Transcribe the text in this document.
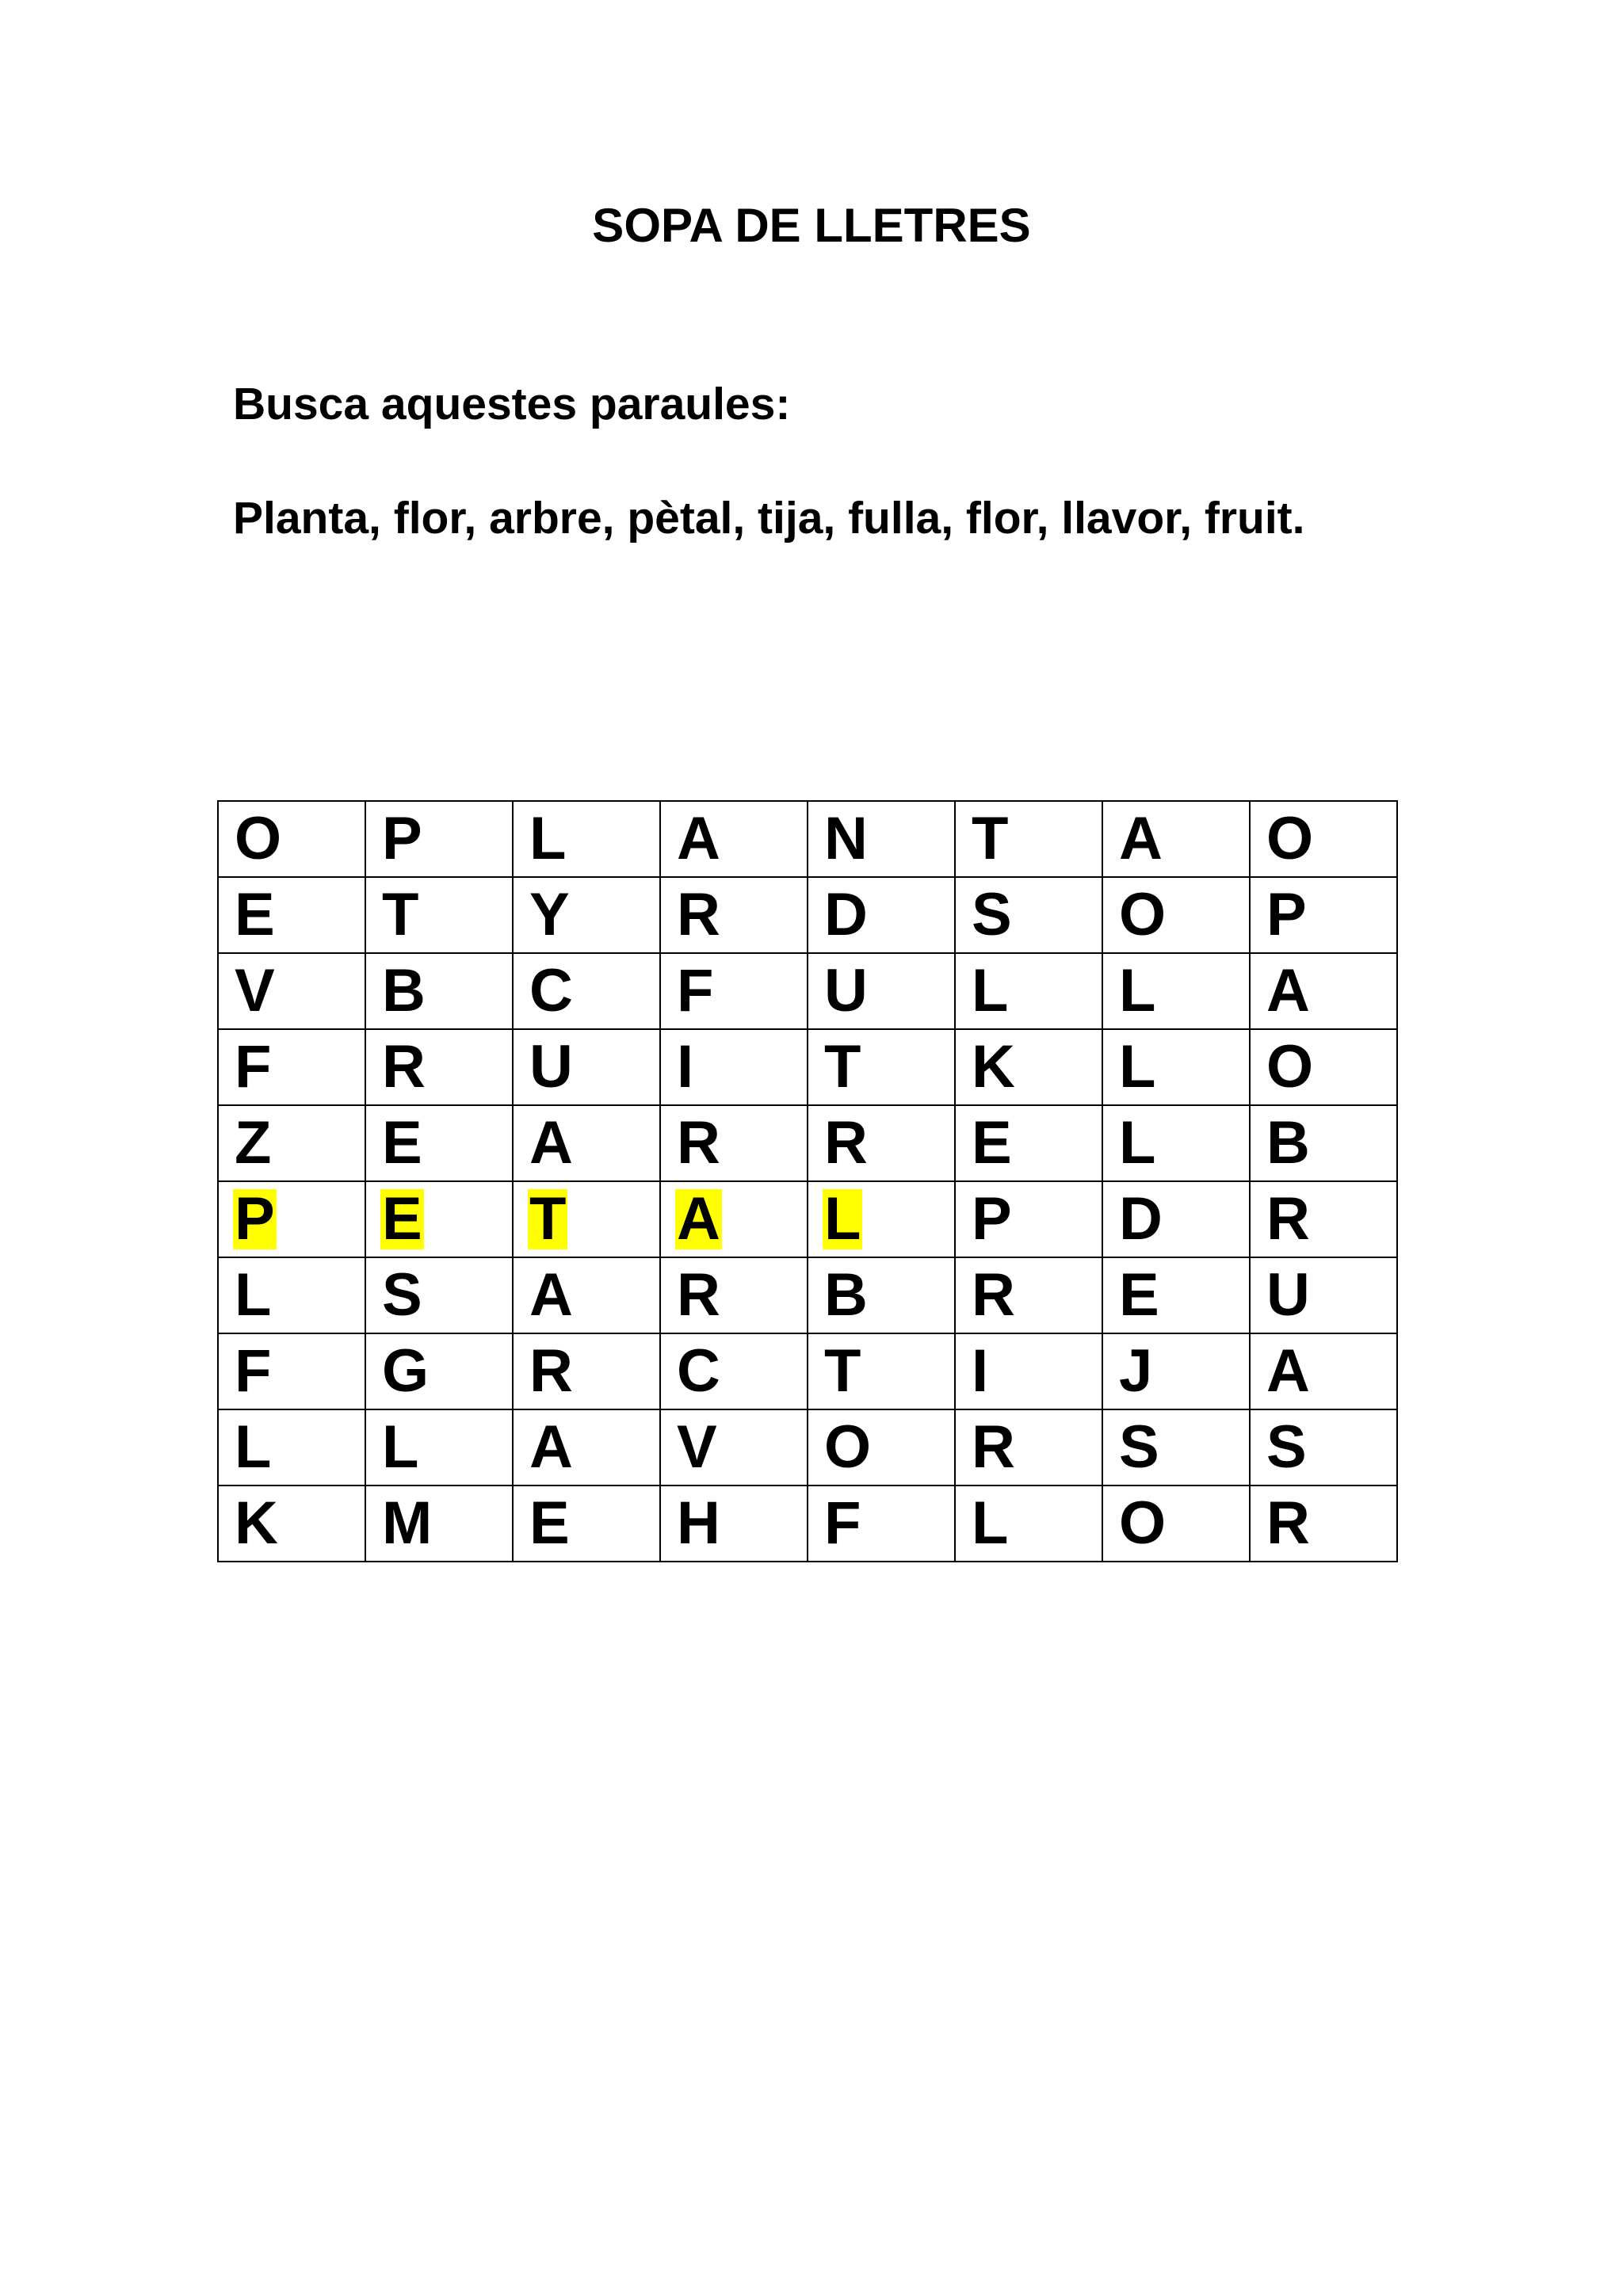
SOPA DE LLETRES

Busca aquestes paraules:

Planta, flor, arbre, pètal, tija, fulla, flor, llavor, fruit.

O	P	L	A	N	T	A	O
E	T	Y	R	D	S	O	P
V	B	C	F	U	L	L	A
F	R	U	I	T	K	L	O
Z	E	A	R	R	E	L	B
P	E	T	A	L	P	D	R
L	S	A	R	B	R	E	U
F	G	R	C	T	I	J	A
L	L	A	V	O	R	S	S
K	M	E	H	F	L	O	R
